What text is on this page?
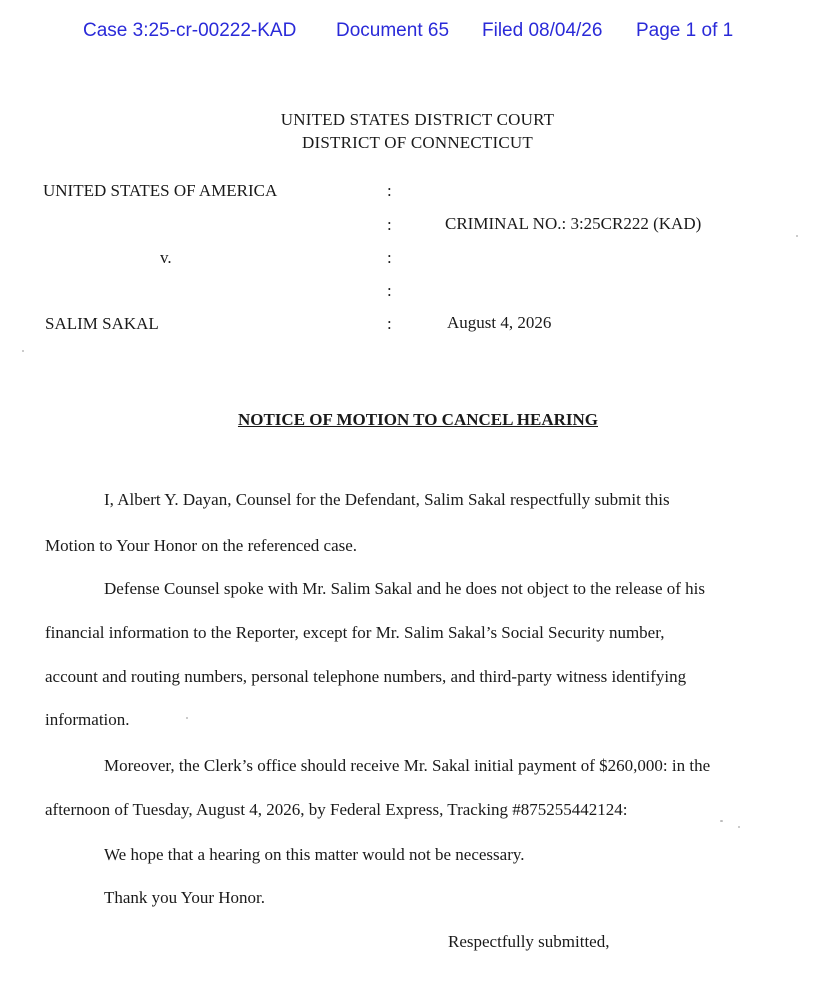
Case 3:25-cr-00222-KAD Document 65 Filed 08/04/26 Page 1 of 1
UNITED STATES DISTRICT COURT
DISTRICT OF CONNECTICUT
UNITED STATES OF AMERICA
v.
SALIM SAKAL
:
:
:
:
:
CRIMINAL NO.: 3:25CR222 (KAD)
August 4, 2026
NOTICE OF MOTION TO CANCEL HEARING
I, Albert Y. Dayan, Counsel for the Defendant, Salim Sakal respectfully submit this
Motion to Your Honor on the referenced case.
Defense Counsel spoke with Mr. Salim Sakal and he does not object to the release of his
financial information to the Reporter, except for Mr. Salim Sakal’s Social Security number,
account and routing numbers, personal telephone numbers, and third-party witness identifying
information.
Moreover, the Clerk’s office should receive Mr. Sakal initial payment of $260,000: in the
afternoon of Tuesday, August 4, 2026, by Federal Express, Tracking #875255442124:
We hope that a hearing on this matter would not be necessary.
Thank you Your Honor.
Respectfully submitted,
